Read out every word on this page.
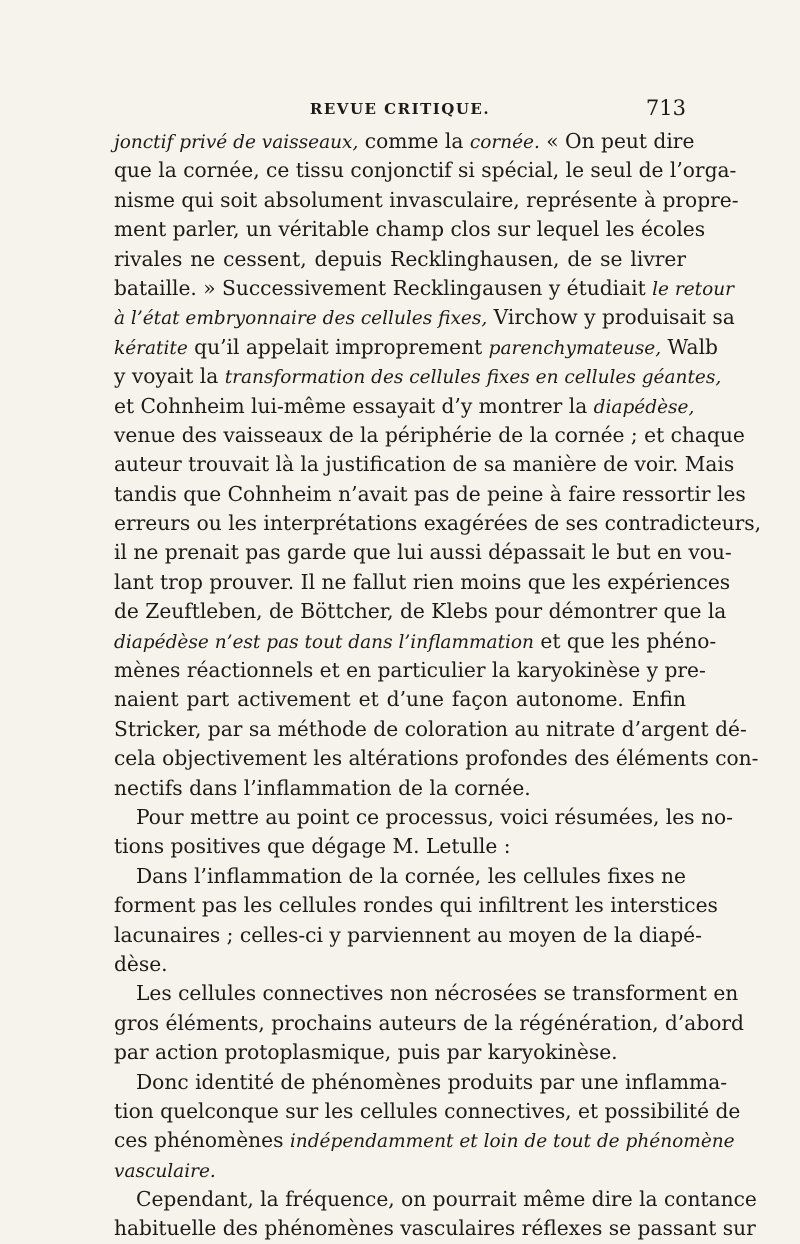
REVUE CRITIQUE.	713
jonctif privé de vaisseaux, comme la cornée. « On peut dire
que la cornée, ce tissu conjonctif si spécial, le seul de l’orga-
nisme qui soit absolument invasculaire, représente à propre-
ment parler, un véritable champ clos sur lequel les écoles
rivales ne cessent, depuis Recklinghausen, de se livrer
bataille. » Successivement Recklingausen y étudiait le retour
à l’état embryonnaire des cellules fixes, Virchow y produisait sa
kératite qu’il appelait improprement parenchymateuse, Walb
y voyait la transformation des cellules fixes en cellules géantes,
et Cohnheim lui-même essayait d’y montrer la diapédèse,
venue des vaisseaux de la périphérie de la cornée ; et chaque
auteur trouvait là la justification de sa manière de voir. Mais
tandis que Cohnheim n’avait pas de peine à faire ressortir les
erreurs ou les interprétations exagérées de ses contradicteurs,
il ne prenait pas garde que lui aussi dépassait le but en vou-
lant trop prouver. Il ne fallut rien moins que les expériences
de Zeuftleben, de Böttcher, de Klebs pour démontrer que la
diapédèse n’est pas tout dans l’inflammation et que les phéno-
mènes réactionnels et en particulier la karyokinèse y pre-
naient part activement et d’une façon autonome. Enfin
Stricker, par sa méthode de coloration au nitrate d’argent dé-
cela objectivement les altérations profondes des éléments con-
nectifs dans l’inflammation de la cornée.
Pour mettre au point ce processus, voici résumées, les no-
tions positives que dégage M. Letulle :
Dans l’inflammation de la cornée, les cellules fixes ne
forment pas les cellules rondes qui infiltrent les interstices
lacunaires ; celles-ci y parviennent au moyen de la diapé-
dèse.
Les cellules connectives non nécrosées se transforment en
gros éléments, prochains auteurs de la régénération, d’abord
par action protoplasmique, puis par karyokinèse.
Donc identité de phénomènes produits par une inflamma-
tion quelconque sur les cellules connectives, et possibilité de
ces phénomènes indépendamment et loin de tout de phénomène
vasculaire.
Cependant, la fréquence, on pourrait même dire la contance
habituelle des phénomènes vasculaires réflexes se passant sur
